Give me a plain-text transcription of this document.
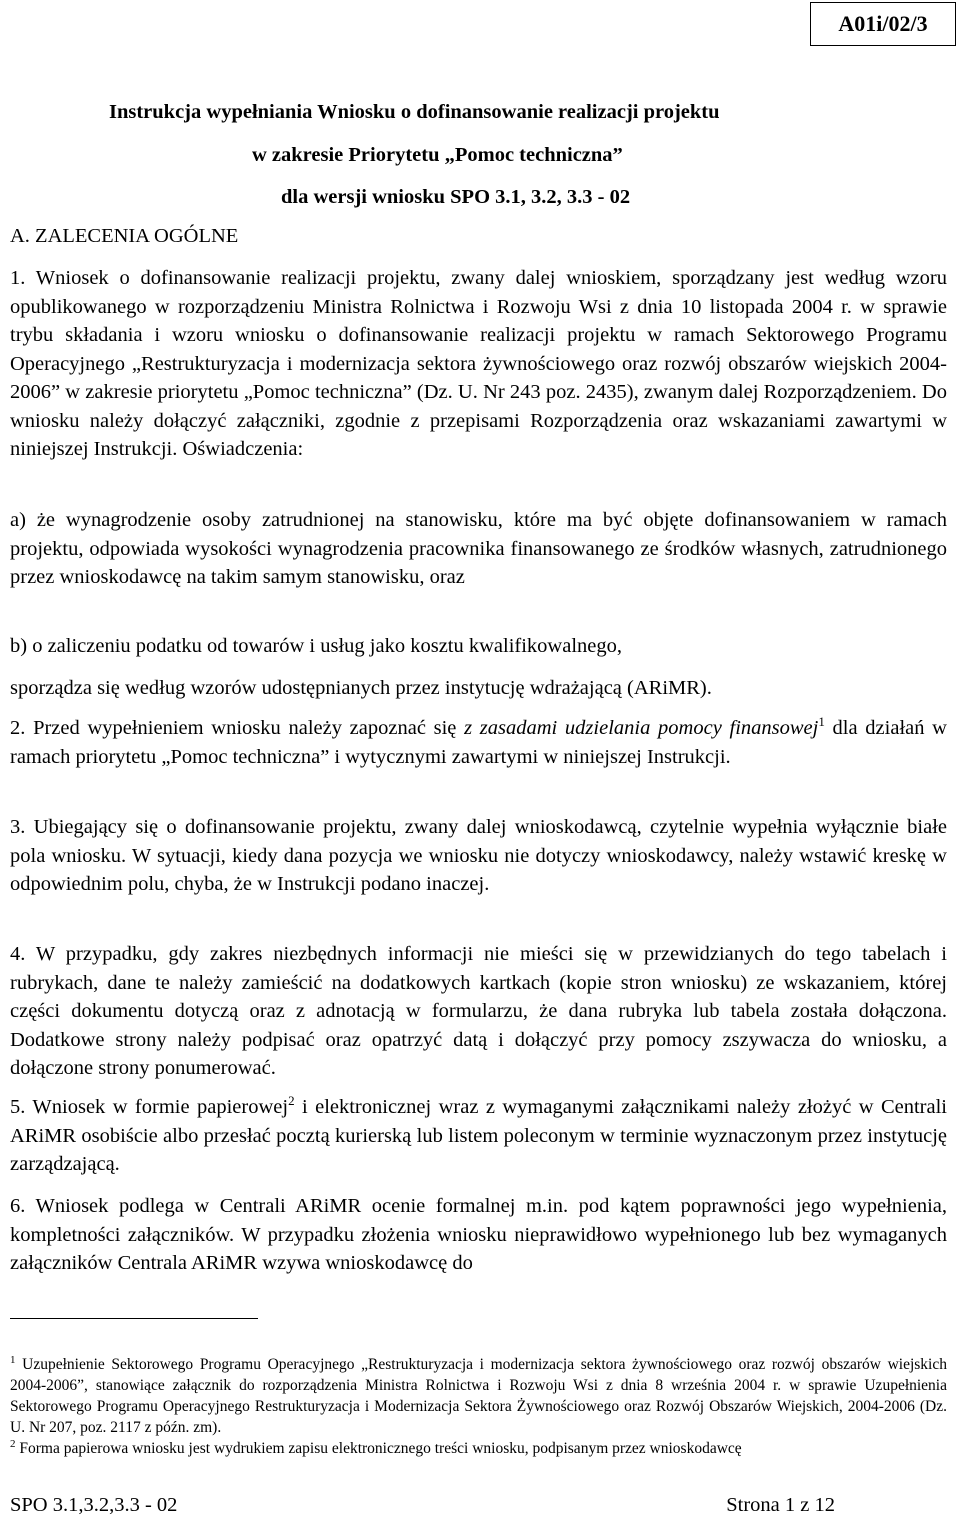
A01i/02/3
Instrukcja wypełniania Wniosku o dofinansowanie realizacji projektu
w zakresie Priorytetu „Pomoc techniczna”
dla wersji wniosku SPO 3.1, 3.2, 3.3 - 02
A. ZALECENIA OGÓLNE

1. Wniosek o dofinansowanie realizacji projektu, zwany dalej wnioskiem, sporządzany jest według wzoru opublikowanego w rozporządzeniu Ministra Rolnictwa i Rozwoju Wsi z dnia 10 listopada 2004 r. w sprawie trybu składania i wzoru wniosku o dofinansowanie realizacji projektu w ramach Sektorowego Programu Operacyjnego „Restrukturyzacja i modernizacja sektora żywnościowego oraz rozwój obszarów wiejskich 2004-2006” w zakresie priorytetu „Pomoc techniczna” (Dz. U. Nr 243 poz. 2435), zwanym dalej Rozporządzeniem. Do wniosku należy dołączyć załączniki, zgodnie z przepisami Rozporządzenia oraz wskazaniami zawartymi w niniejszej Instrukcji. Oświadczenia:

a) że wynagrodzenie osoby zatrudnionej na stanowisku, które ma być objęte dofinansowaniem w ramach projektu, odpowiada wysokości wynagrodzenia pracownika finansowanego ze środków własnych, zatrudnionego przez wnioskodawcę na takim samym stanowisku, oraz

b) o zaliczeniu podatku od towarów i usług jako kosztu kwalifikowalnego,

sporządza się według wzorów udostępnianych przez instytucję wdrażającą (ARiMR).

2. Przed wypełnieniem wniosku należy zapoznać się z zasadami udzielania pomocy finansowej$^1$ dla działań w ramach priorytetu „Pomoc techniczna” i wytycznymi zawartymi w niniejszej Instrukcji.

3. Ubiegający się o dofinansowanie projektu, zwany dalej wnioskodawcą, czytelnie wypełnia wyłącznie białe pola wniosku. W sytuacji, kiedy dana pozycja we wniosku nie dotyczy wnioskodawcy, należy wstawić kreskę w odpowiednim polu, chyba, że w Instrukcji podano inaczej.

4. W przypadku, gdy zakres niezbędnych informacji nie mieści się w przewidzianych do tego tabelach i rubrykach, dane te należy zamieścić na dodatkowych kartkach (kopie stron wniosku) ze wskazaniem, której części dokumentu dotyczą oraz z adnotacją w formularzu, że dana rubryka lub tabela została dołączona. Dodatkowe strony należy podpisać oraz opatrzyć datą i dołączyć przy pomocy zszywacza do wniosku, a dołączone strony ponumerować.

5. Wniosek w formie papierowej$^2$ i elektronicznej wraz z wymaganymi załącznikami należy złożyć w Centrali ARiMR osobiście albo przesłać pocztą kurierską lub listem poleconym w terminie wyznaczonym przez instytucję zarządzającą.

6. Wniosek podlega w Centrali ARiMR ocenie formalnej m.in. pod kątem poprawności jego wypełnienia, kompletności załączników. W przypadku złożenia wniosku nieprawidłowo wypełnionego lub bez wymaganych załączników Centrala ARiMR wzywa wnioskodawcę do

$^1$ Uzupełnienie Sektorowego Programu Operacyjnego „Restrukturyzacja i modernizacja sektora żywnościowego oraz rozwój obszarów wiejskich 2004-2006”, stanowiące załącznik do rozporządzenia Ministra Rolnictwa i Rozwoju Wsi z dnia 8 września 2004 r. w sprawie Uzupełnienia Sektorowego Programu Operacyjnego Restrukturyzacja i Modernizacja Sektora Żywnościowego oraz Rozwój Obszarów Wiejskich, 2004-2006 (Dz. U. Nr 207, poz. 2117 z późn. zm).

$^2$ Forma papierowa wniosku jest wydrukiem zapisu elektronicznego treści wniosku, podpisanym przez wnioskodawcę

SPO 3.1,3.2,3.3 - 02	Strona 1 z 12
